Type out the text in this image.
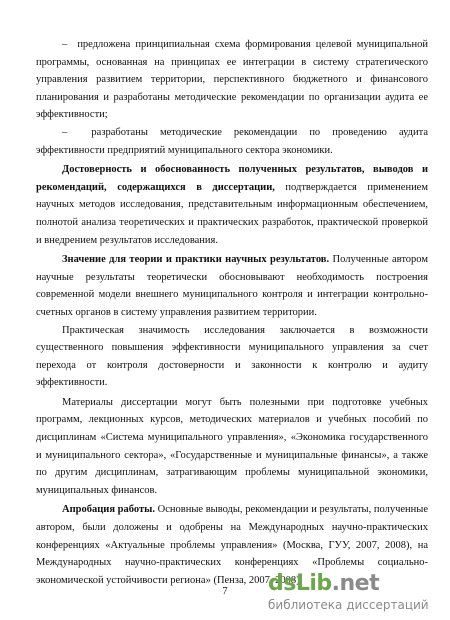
– предложена принципиальная схема формирования целевой муниципальной программы, основанная на принципах ее интеграции в систему стратегического управления развитием территории, перспективного бюджетного и финансового планирования и разработаны методические рекомендации по организации аудита ее эффективности;

– разработаны методические рекомендации по проведению аудита эффективности предприятий муниципального сектора экономики.

Достоверность и обоснованность полученных результатов, выводов и рекомендаций, содержащихся в диссертации, подтверждается применением научных методов исследования, представительным информационным обеспечением, полнотой анализа теоретических и практических разработок, практической проверкой и внедрением результатов исследования.

Значение для теории и практики научных результатов. Полученные автором научные результаты теоретически обосновывают необходимость построения современной модели внешнего муниципального контроля и интеграции контрольно-счетных органов в систему управления развитием территории.

Практическая значимость исследования заключается в возможности существенного повышения эффективности муниципального управления за счет перехода от контроля достоверности и законности к контролю и аудиту эффективности.

Материалы диссертации могут быть полезными при подготовке учебных программ, лекционных курсов, методических материалов и учебных пособий по дисциплинам «Система муниципального управления», «Экономика государственного и муниципального сектора», «Государственные и муниципальные финансы», а также по другим дисциплинам, затрагивающим проблемы муниципальной экономики, муниципальных финансов.

Апробация работы. Основные выводы, рекомендации и результаты, полученные автором, были доложены и одобрены на Международных научно-практических конференциях «Актуальные проблемы управления» (Москва, ГУУ, 2007, 2008), на Международных научно-практических конференциях «Проблемы социально-экономической устойчивости региона» (Пенза, 2007, 2008)

7	dsLib .net
библиотека диссертаций
